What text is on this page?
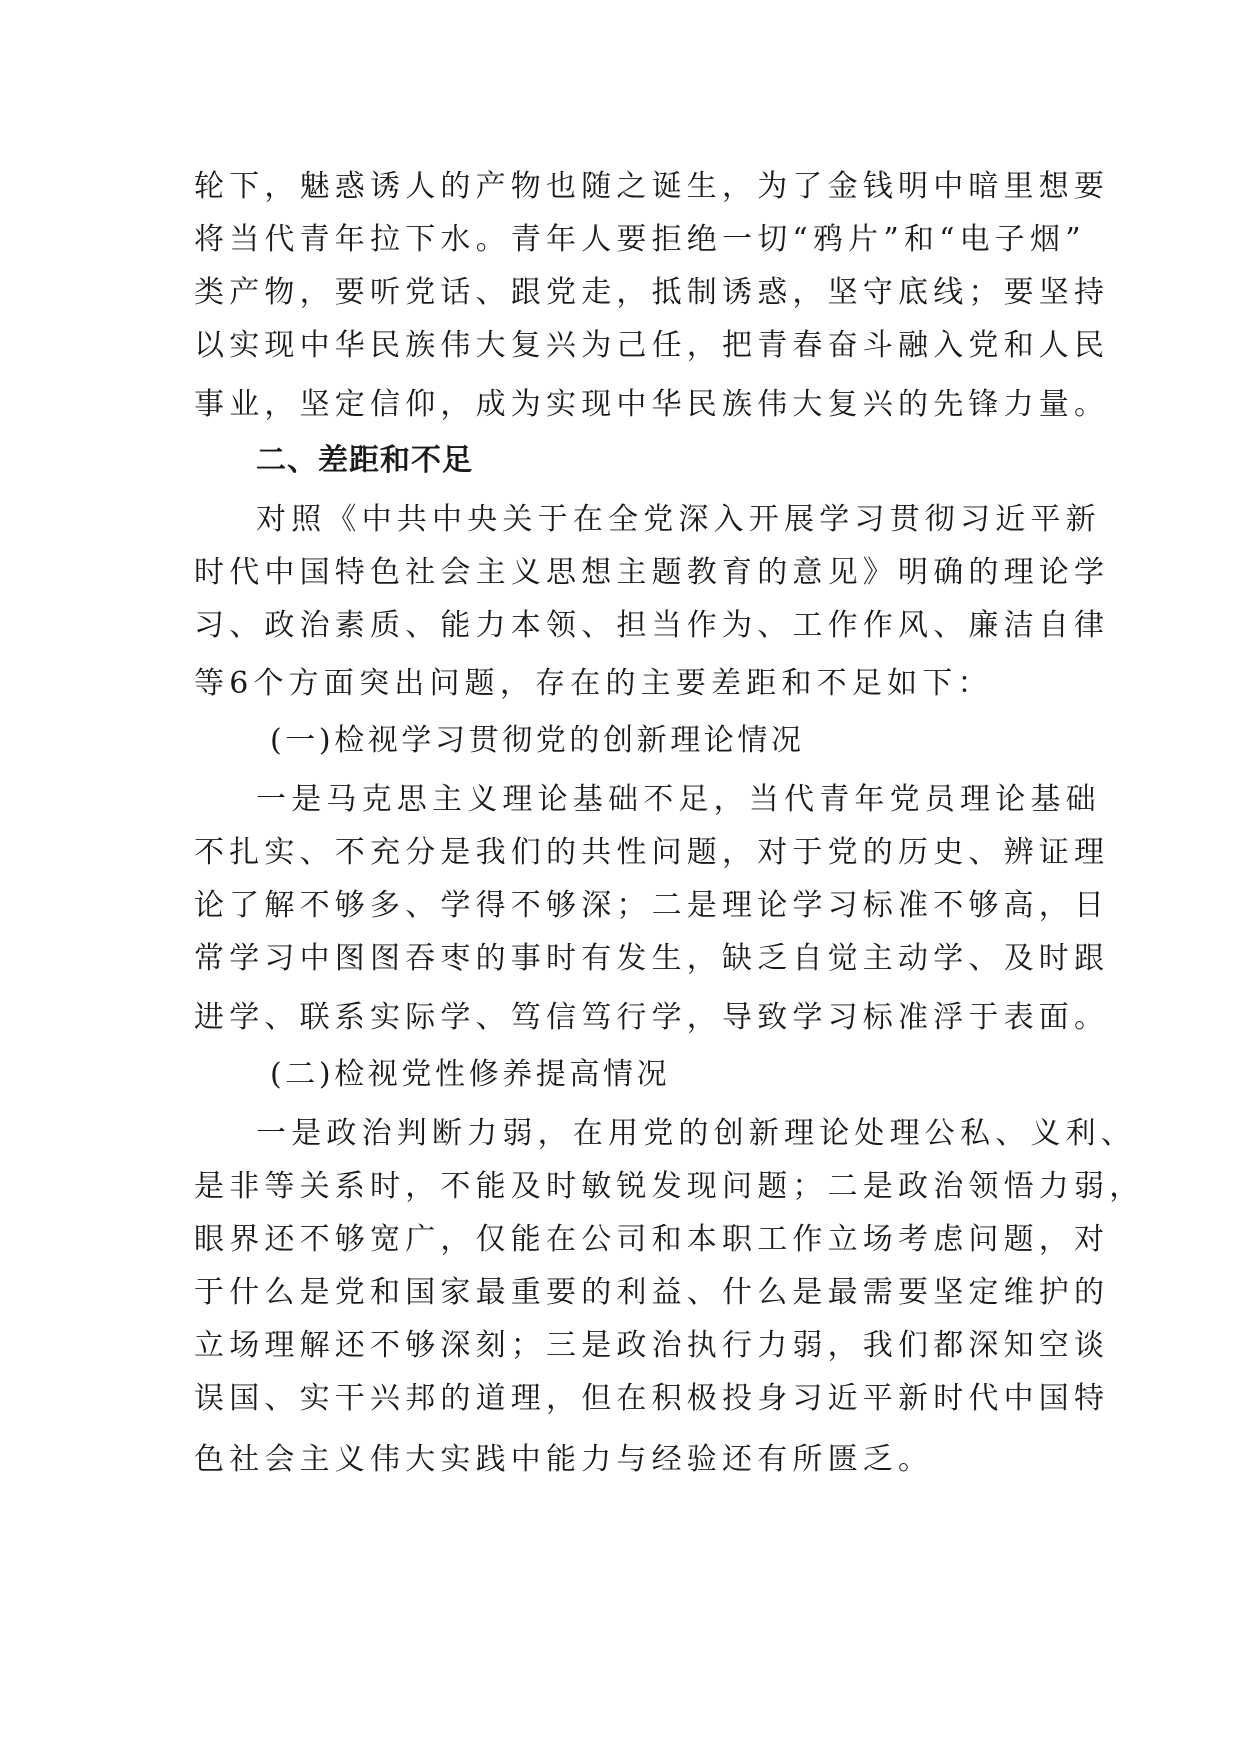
轮下，魅惑诱人的产物也随之诞生，为了金钱明中暗里想要
将当代青年拉下水。青年人要拒绝一切“鸦片”和“电子烟”
类产物，要听党话、跟党走，抵制诱惑，坚守底线；要坚持
以实现中华民族伟大复兴为己任，把青春奋斗融入党和人民
事业，坚定信仰，成为实现中华民族伟大复兴的先锋力量。
二、差距和不足
对照《中共中央关于在全党深入开展学习贯彻习近平新
时代中国特色社会主义思想主题教育的意见》明确的理论学
习、政治素质、能力本领、担当作为、工作作风、廉洁自律
等6个方面突出问题，存在的主要差距和不足如下：
(一)检视学习贯彻党的创新理论情况
一是马克思主义理论基础不足，当代青年党员理论基础
不扎实、不充分是我们的共性问题，对于党的历史、辨证理
论了解不够多、学得不够深；二是理论学习标准不够高，日
常学习中图图吞枣的事时有发生，缺乏自觉主动学、及时跟
进学、联系实际学、笃信笃行学，导致学习标准浮于表面。
(二)检视党性修养提高情况
一是政治判断力弱，在用党的创新理论处理公私、义利、
是非等关系时，不能及时敏锐发现问题；二是政治领悟力弱，
眼界还不够宽广，仅能在公司和本职工作立场考虑问题，对
于什么是党和国家最重要的利益、什么是最需要坚定维护的
立场理解还不够深刻；三是政治执行力弱，我们都深知空谈
误国、实干兴邦的道理，但在积极投身习近平新时代中国特
色社会主义伟大实践中能力与经验还有所匮乏。
